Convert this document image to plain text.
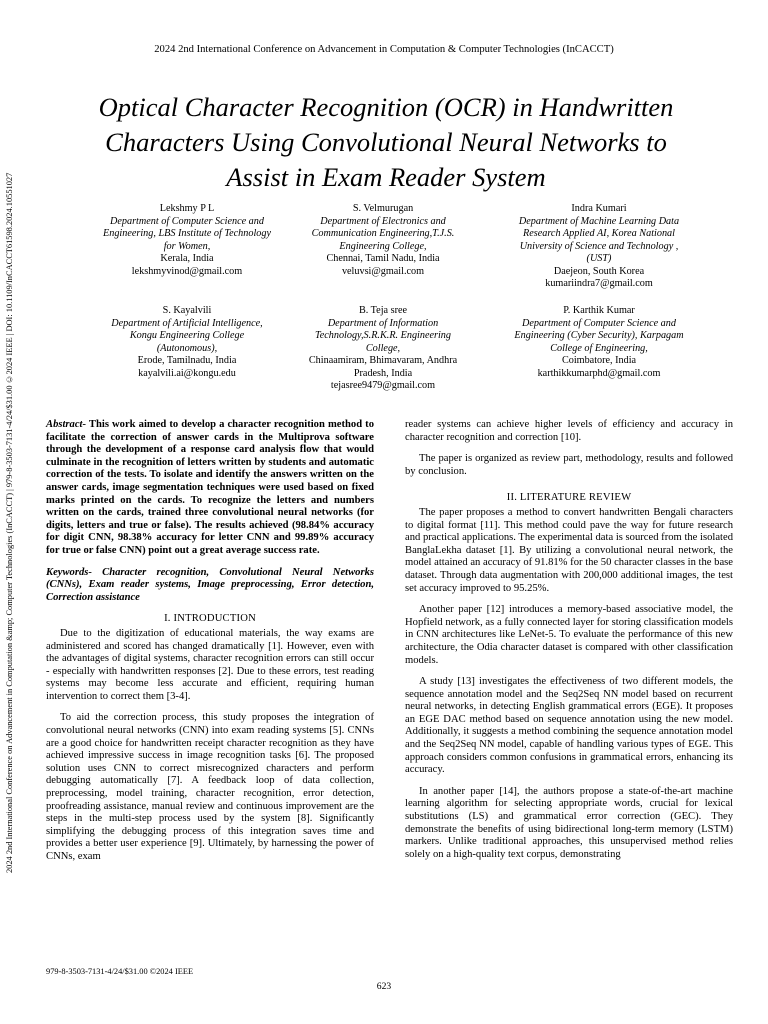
2024 2nd International Conference on Advancement in Computation & Computer Technologies (InCACCT)
2024 2nd International Conference on Advancement in Computation &amp; Computer Technologies (InCACCT) | 979-8-3503-7131-4/24/$31.00 ©2024 IEEE | DOI: 10.1109/InCACCT61598.2024.10551027
Optical Character Recognition (OCR) in Handwritten
Characters Using Convolutional Neural Networks to
Assist in Exam Reader System
Lekshmy P L
Department of Computer Science and
Engineering, LBS Institute of Technology
for Women,
Kerala, India
lekshmyvinod@gmail.com
S. Velmurugan
Department of Electronics and
Communication Engineering,T.J.S.
Engineering College,
Chennai, Tamil Nadu, India
veluvsi@gmail.com
Indra Kumari
Department of Machine Learning Data
Research Applied AI, Korea National
University of Science and Technology ,
(UST)
Daejeon, South Korea
kumariindra7@gmail.com
S. Kayalvili
Department of Artificial Intelligence,
Kongu Engineering College
(Autonomous),
Erode, Tamilnadu, India
kayalvili.ai@kongu.edu
B. Teja sree
Department of Information
Technology,S.R.K.R. Engineering
College,
Chinaamiram, Bhimavaram, Andhra
Pradesh, India
tejasree9479@gmail.com
P. Karthik Kumar
Department of Computer Science and
Engineering (Cyber Security), Karpagam
College of Engineering,
Coimbatore, India
karthikkumarphd@gmail.com

Abstract- This work aimed to develop a character recognition method to facilitate the correction of answer cards in the Multiprova software through the development of a response card analysis flow that would culminate in the recognition of letters written by students and automatic correction of the tests. To isolate and identify the answers written on the answer cards, image segmentation techniques were used based on fixed marks printed on the cards. To recognize the letters and numbers written on the cards, trained three convolutional neural networks (for digits, letters and true or false). The results achieved (98.84% accuracy for digit CNN, 98.38% accuracy for letter CNN and 99.89% accuracy for true or false CNN) point out a great average success rate.

Keywords- Character recognition, Convolutional Neural Networks (CNNs), Exam reader systems, Image preprocessing, Error detection, Correction assistance

I. INTRODUCTION

Due to the digitization of educational materials, the way exams are administered and scored has changed dramatically [1]. However, even with the advantages of digital systems, character recognition errors can still occur - especially with handwritten responses [2]. Due to these errors, test reading systems may become less accurate and efficient, requiring human intervention to correct them [3-4].

To aid the correction process, this study proposes the integration of convolutional neural networks (CNN) into exam reading systems [5]. CNNs are a good choice for handwritten receipt character recognition as they have achieved impressive success in image recognition tasks [6]. The proposed solution uses CNN to correct misrecognized characters and perform debugging automatically [7]. A feedback loop of data collection, preprocessing, model training, character recognition, error detection, proofreading assistance, manual review and continuous improvement are the steps in the multi-step process used by the system [8]. Significantly simplifying the debugging process of this integration saves time and provides a better user experience [9]. Ultimately, by harnessing the power of CNNs, exam

reader systems can achieve higher levels of efficiency and accuracy in character recognition and correction [10].

The paper is organized as review part, methodology, results and followed by conclusion.

II. LITERATURE REVIEW

The paper proposes a method to convert handwritten Bengali characters to digital format [11]. This method could pave the way for future research and practical applications. The experimental data is sourced from the isolated BanglaLekha dataset [1]. By utilizing a convolutional neural network, the model attained an accuracy of 91.81% for the 50 character classes in the base dataset. Through data augmentation with 200,000 additional images, the test set accuracy improved to 95.25%.

Another paper [12] introduces a memory-based associative model, the Hopfield network, as a fully connected layer for storing classification models in CNN architectures like LeNet-5. To evaluate the performance of this new architecture, the Odia character dataset is compared with other classification models.

A study [13] investigates the effectiveness of two different models, the sequence annotation model and the Seq2Seq NN model based on recurrent neural networks, in detecting English grammatical errors (EGE). It proposes an EGE DAC method based on sequence annotation using the new model. Additionally, it suggests a method combining the sequence annotation model and the Seq2Seq NN model, capable of handling various types of EGE. This approach considers common confusions in grammatical errors, enhancing its accuracy.

In another paper [14], the authors propose a state-of-the-art machine learning algorithm for selecting appropriate words, crucial for lexical substitutions (LS) and grammatical error correction (GEC). They demonstrate the benefits of using bidirectional long-term memory (LSTM) markers. Unlike traditional approaches, this unsupervised method relies solely on a high-quality text corpus, demonstrating

979-8-3503-7131-4/24/$31.00 ©2024 IEEE
623
